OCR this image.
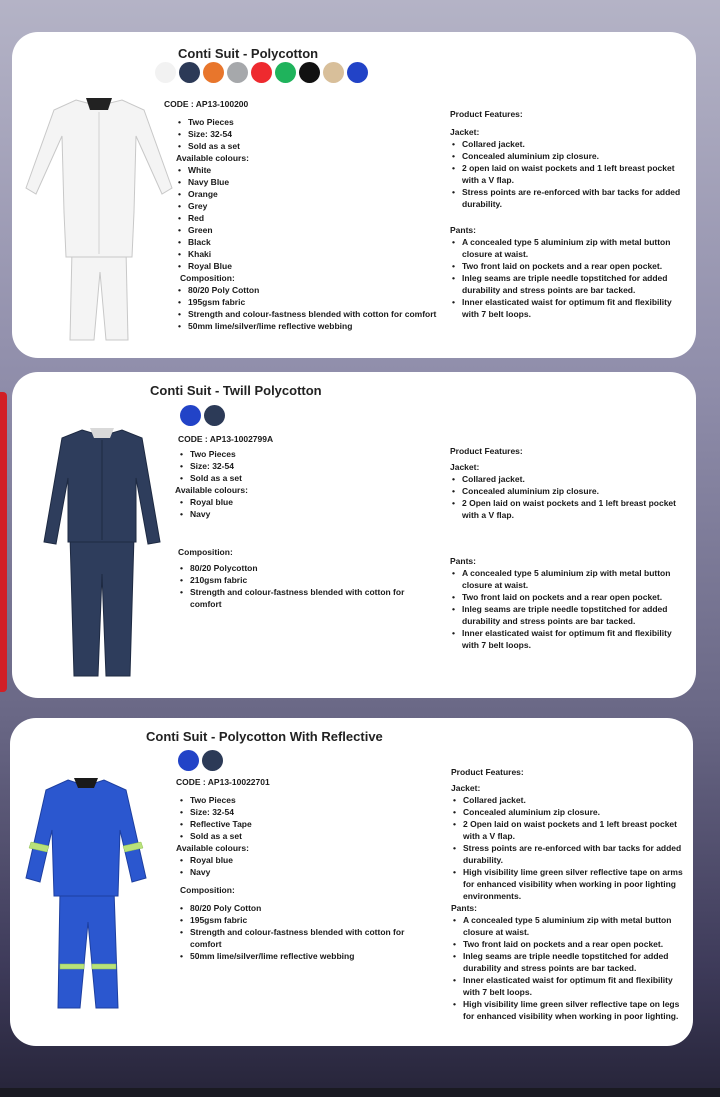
Conti Suit - Polycotton
CODE : AP13-100200
• Two Pieces
• Size: 32-54
• Sold as a set
Available colours:
• White
• Navy Blue
• Orange
• Grey
• Red
• Green
• Black
• Khaki
• Royal Blue
Composition:
• 80/20 Poly Cotton
• 195gsm fabric
• Strength and colour-fastness blended with cotton for comfort
• 50mm lime/silver/lime reflective webbing
Product Features:
Jacket:
• Collared jacket.
• Concealed aluminium zip closure.
• 2 open laid on waist pockets and 1 left breast pocket with a V flap.
• Stress points are re-enforced with bar tacks for added durability.
Pants:
• A concealed type 5 aluminium zip with metal button closure at waist.
• Two front laid on pockets and a rear open pocket.
• Inleg seams are triple needle topstitched for added durability and stress points are bar tacked.
• Inner elasticated waist for optimum fit and flexibility with 7 belt loops.
Conti Suit - Twill Polycotton
CODE : AP13-1002799A
• Two Pieces
• Size: 32-54
• Sold as a set
Available colours:
• Royal blue
• Navy
Composition:
• 80/20 Polycotton
• 210gsm fabric
• Strength and colour-fastness blended with cotton for comfort
Product Features:
Jacket:
• Collared jacket.
• Concealed aluminium zip closure.
• 2 Open laid on waist pockets and 1 left breast pocket with a V flap.
Pants:
• A concealed type 5 aluminium zip with metal button closure at waist.
• Two front laid on pockets and a rear open pocket.
• Inleg seams are triple needle topstitched for added durability and stress points are bar tacked.
• Inner elasticated waist for optimum fit and flexibility with 7 belt loops.
Conti Suit - Polycotton With Reflective
CODE : AP13-10022701
• Two Pieces
• Size: 32-54
• Reflective Tape
• Sold as a set
Available colours:
• Royal blue
• Navy
Composition:
• 80/20 Poly Cotton
• 195gsm fabric
• Strength and colour-fastness blended with cotton for comfort
• 50mm lime/silver/lime reflective webbing
Product Features:
Jacket:
• Collared jacket.
• Concealed aluminium zip closure.
• 2 Open laid on waist pockets and 1 left breast pocket with a V flap.
• Stress points are re-enforced with bar tacks for added durability.
• High visibility lime green silver reflective tape on arms for enhanced visibility when working in poor lighting environments.
Pants:
• A concealed type 5 aluminium zip with metal button closure at waist.
• Two front laid on pockets and a rear open pocket.
• Inleg seams are triple needle topstitched for added durability and stress points are bar tacked.
• Inner elasticated waist for optimum fit and flexibility with 7 belt loops.
• High visibility lime green silver reflective tape on legs for enhanced visibility when working in poor lighting.
